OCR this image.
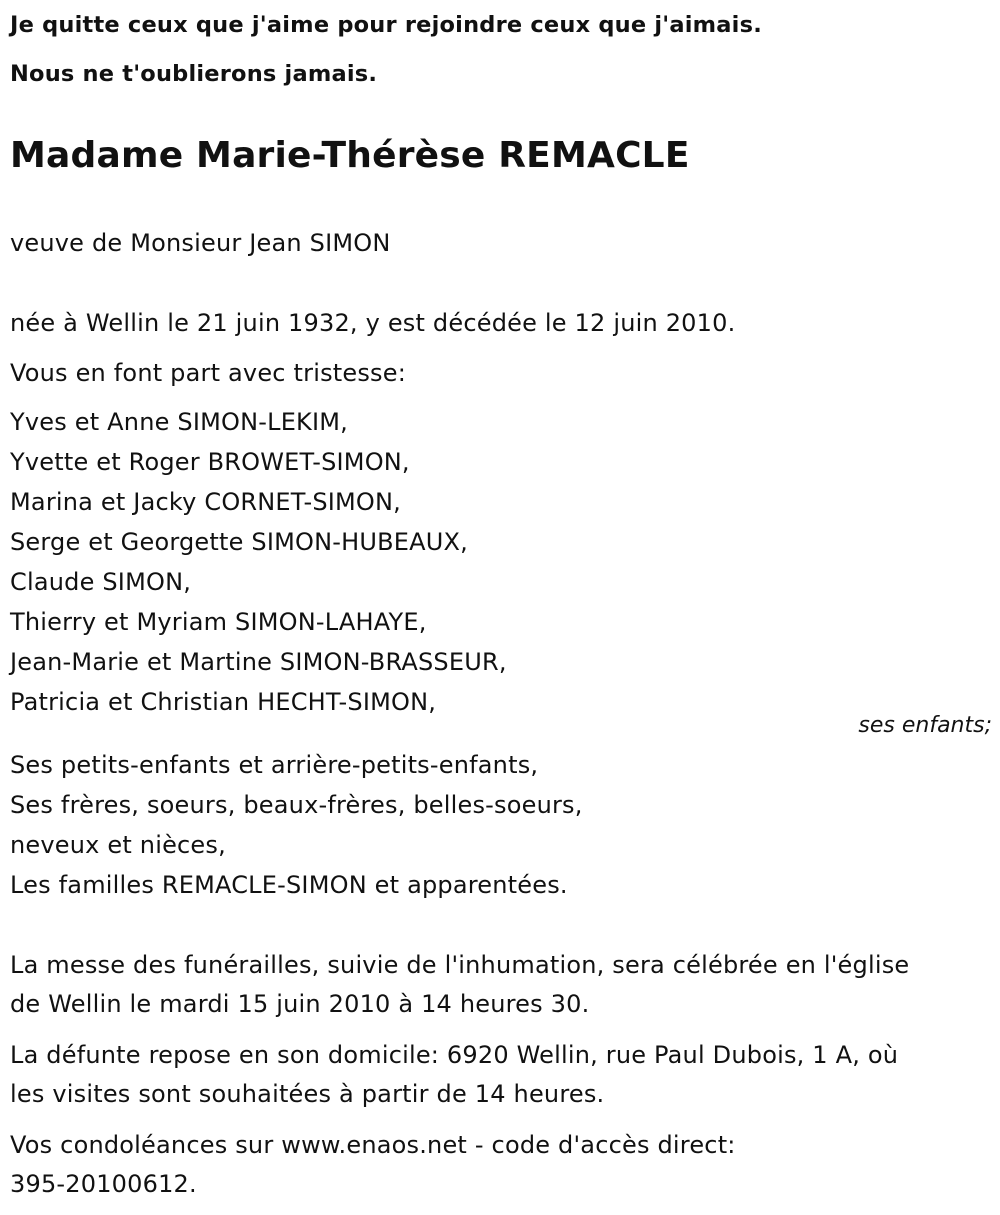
Je quitte ceux que j'aime pour rejoindre ceux que j'aimais.
Nous ne t'oublierons jamais.
Madame Marie-Thérèse REMACLE
veuve de Monsieur Jean SIMON
née à Wellin le 21 juin 1932, y est décédée le 12 juin 2010.
Vous en font part avec tristesse:
Yves et Anne SIMON-LEKIM,
Yvette et Roger BROWET-SIMON,
Marina et Jacky CORNET-SIMON,
Serge et Georgette SIMON-HUBEAUX,
Claude SIMON,
Thierry et Myriam SIMON-LAHAYE,
Jean-Marie et Martine SIMON-BRASSEUR,
Patricia et Christian HECHT-SIMON,
ses enfants;
Ses petits-enfants et arrière-petits-enfants,
Ses frères, soeurs, beaux-frères, belles-soeurs,
neveux et nièces,
Les familles REMACLE-SIMON et apparentées.
La messe des funérailles, suivie de l'inhumation, sera célébrée en l'église
de Wellin le mardi 15 juin 2010 à 14 heures 30.
La défunte repose en son domicile: 6920 Wellin, rue Paul Dubois, 1 A, où
les visites sont souhaitées à partir de 14 heures.
Vos condoléances sur www.enaos.net - code d'accès direct:
395-20100612.
